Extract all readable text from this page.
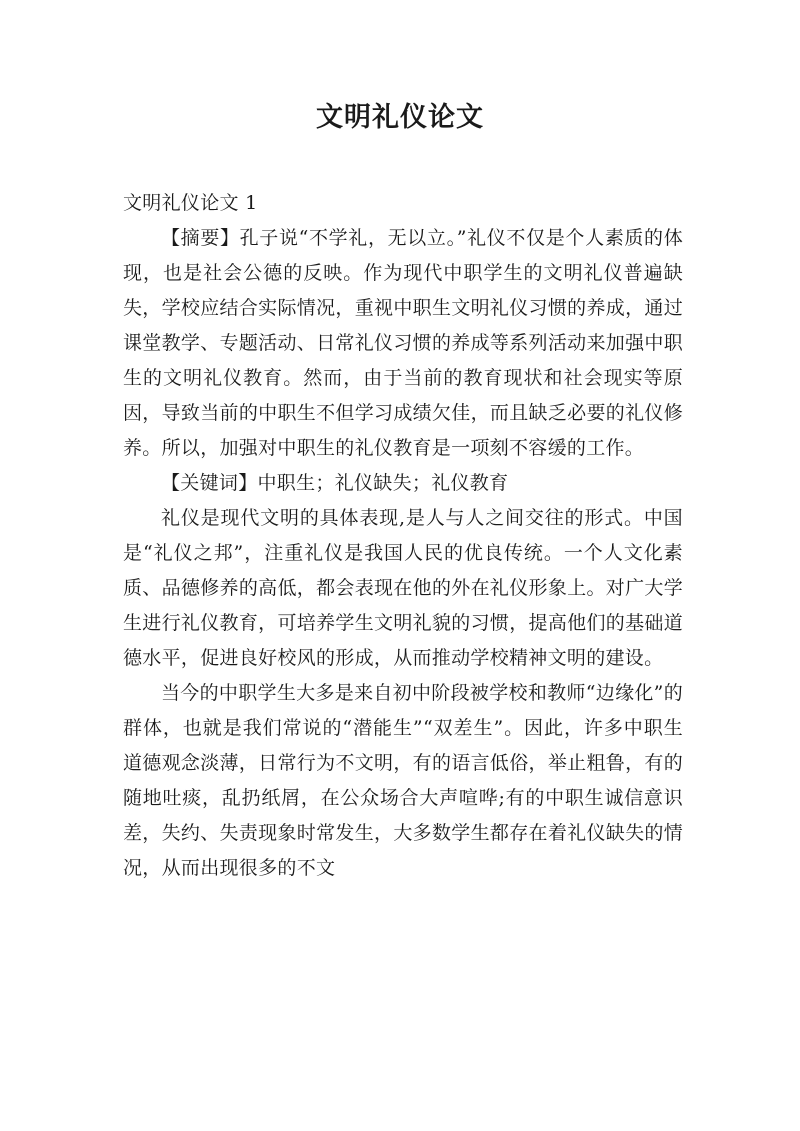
文明礼仪论文

文明礼仪论文 1

【摘要】孔子说“不学礼，无以立。”礼仪不仅是个人素质的体现，也是社会公德的反映。作为现代中职学生的文明礼仪普遍缺失，学校应结合实际情况，重视中职生文明礼仪习惯的养成，通过课堂教学、专题活动、日常礼仪习惯的养成等系列活动来加强中职生的文明礼仪教育。然而，由于当前的教育现状和社会现实等原因，导致当前的中职生不但学习成绩欠佳，而且缺乏必要的礼仪修养。所以，加强对中职生的礼仪教育是一项刻不容缓的工作。

【关键词】中职生；礼仪缺失；礼仪教育

礼仪是现代文明的具体表现,是人与人之间交往的形式。中国是“礼仪之邦”，注重礼仪是我国人民的优良传统。一个人文化素质、品德修养的高低，都会表现在他的外在礼仪形象上。对广大学生进行礼仪教育，可培养学生文明礼貌的习惯，提高他们的基础道德水平，促进良好校风的形成，从而推动学校精神文明的建设。

当今的中职学生大多是来自初中阶段被学校和教师“边缘化”的群体，也就是我们常说的“潜能生”“双差生”。因此，许多中职生道德观念淡薄，日常行为不文明，有的语言低俗，举止粗鲁，有的随地吐痰，乱扔纸屑，在公众场合大声喧哗;有的中职生诚信意识差，失约、失责现象时常发生，大多数学生都存在着礼仪缺失的情况，从而出现很多的不文
